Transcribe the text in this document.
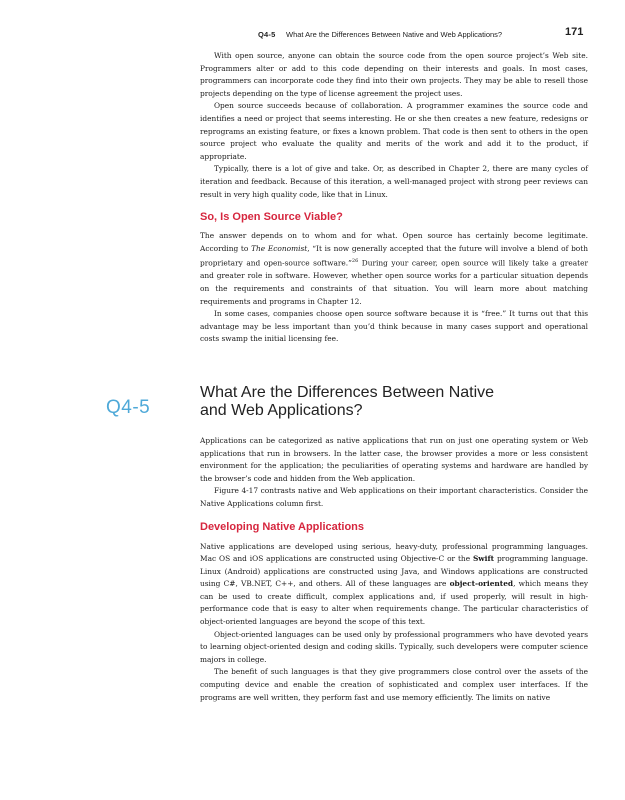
Q4-5 What Are the Differences Between Native and Web Applications?	171
Q4-5

With open source, anyone can obtain the source code from the open source project’s Web site. Programmers alter or add to this code depending on their interests and goals. In most cases, programmers can incorporate code they find into their own projects. They may be able to resell those projects depending on the type of license agreement the project uses.

Open source succeeds because of collaboration. A programmer examines the source code and identifies a need or project that seems interesting. He or she then creates a new feature, redesigns or reprograms an existing feature, or fixes a known problem. That code is then sent to others in the open source project who evaluate the quality and merits of the work and add it to the product, if appropriate.

Typically, there is a lot of give and take. Or, as described in Chapter 2, there are many cycles of iteration and feedback. Because of this iteration, a well-managed project with strong peer reviews can result in very high quality code, like that in Linux.

So, Is Open Source Viable?

The answer depends on to whom and for what. Open source has certainly become legitimate. According to The Economist, “It is now generally accepted that the future will involve a blend of both proprietary and open-source software.”$^{26}$ During your career, open source will likely take a greater and greater role in software. However, whether open source works for a particular situation depends on the requirements and constraints of that situation. You will learn more about matching requirements and programs in Chapter 12.

In some cases, companies choose open source software because it is “free.” It turns out that this advantage may be less important than you’d think because in many cases support and operational costs swamp the initial licensing fee.

What Are the Differences Between Native
and Web Applications?

Applications can be categorized as native applications that run on just one operating system or Web applications that run in browsers. In the latter case, the browser provides a more or less consistent environment for the application; the peculiarities of operating systems and hardware are handled by the browser’s code and hidden from the Web application.

Figure 4-17 contrasts native and Web applications on their important characteristics. Consider the Native Applications column first.

Developing Native Applications

Native applications are developed using serious, heavy-duty, professional programming languages. Mac OS and iOS applications are constructed using Objective-C or the Swift programming language. Linux (Android) applications are constructed using Java, and Windows applications are constructed using C#, VB.NET, C++, and others. All of these languages are object-oriented, which means they can be used to create difficult, complex applications and, if used properly, will result in high-performance code that is easy to alter when requirements change. The particular characteristics of object-oriented languages are beyond the scope of this text.

Object-oriented languages can be used only by professional programmers who have devoted years to learning object-oriented design and coding skills. Typically, such developers were computer science majors in college.

The benefit of such languages is that they give programmers close control over the assets of the computing device and enable the creation of sophisticated and complex user interfaces. If the programs are well written, they perform fast and use memory efficiently. The limits on native
